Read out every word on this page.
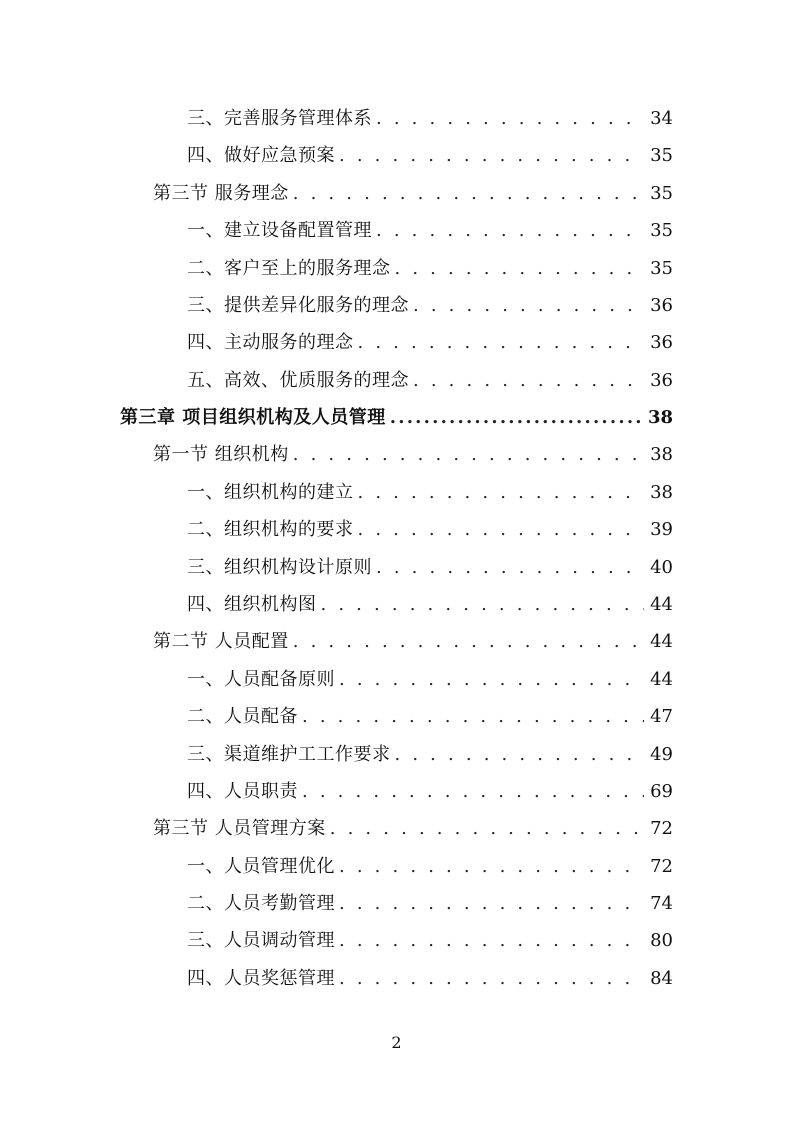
三、完善服务管理体系 . . .	34
四、做好应急预案 . . .	35
第三节 服务理念 . . .	35
一、建立设备配置管理 . . .	35
二、客户至上的服务理念 . . .	35
三、提供差异化服务的理念 . . .	36
四、主动服务的理念 . . .	36
五、高效、优质服务的理念 . . .	36
第三章 项目组织机构及人员管理 .....	38
第一节 组织机构 . . .	38
一、组织机构的建立 . . .	38
二、组织机构的要求 . . .	39
三、组织机构设计原则 . . .	40
四、组织机构图 . . .	44
第二节 人员配置 . . .	44
一、人员配备原则 . . .	44
二、人员配备 . . .	47
三、渠道维护工工作要求 . . .	49
四、人员职责 . . .	69
第三节 人员管理方案 . . .	72
一、人员管理优化 . . .	72
二、人员考勤管理 . . .	74
三、人员调动管理 . . .	80
四、人员奖惩管理 . . .	84
2
